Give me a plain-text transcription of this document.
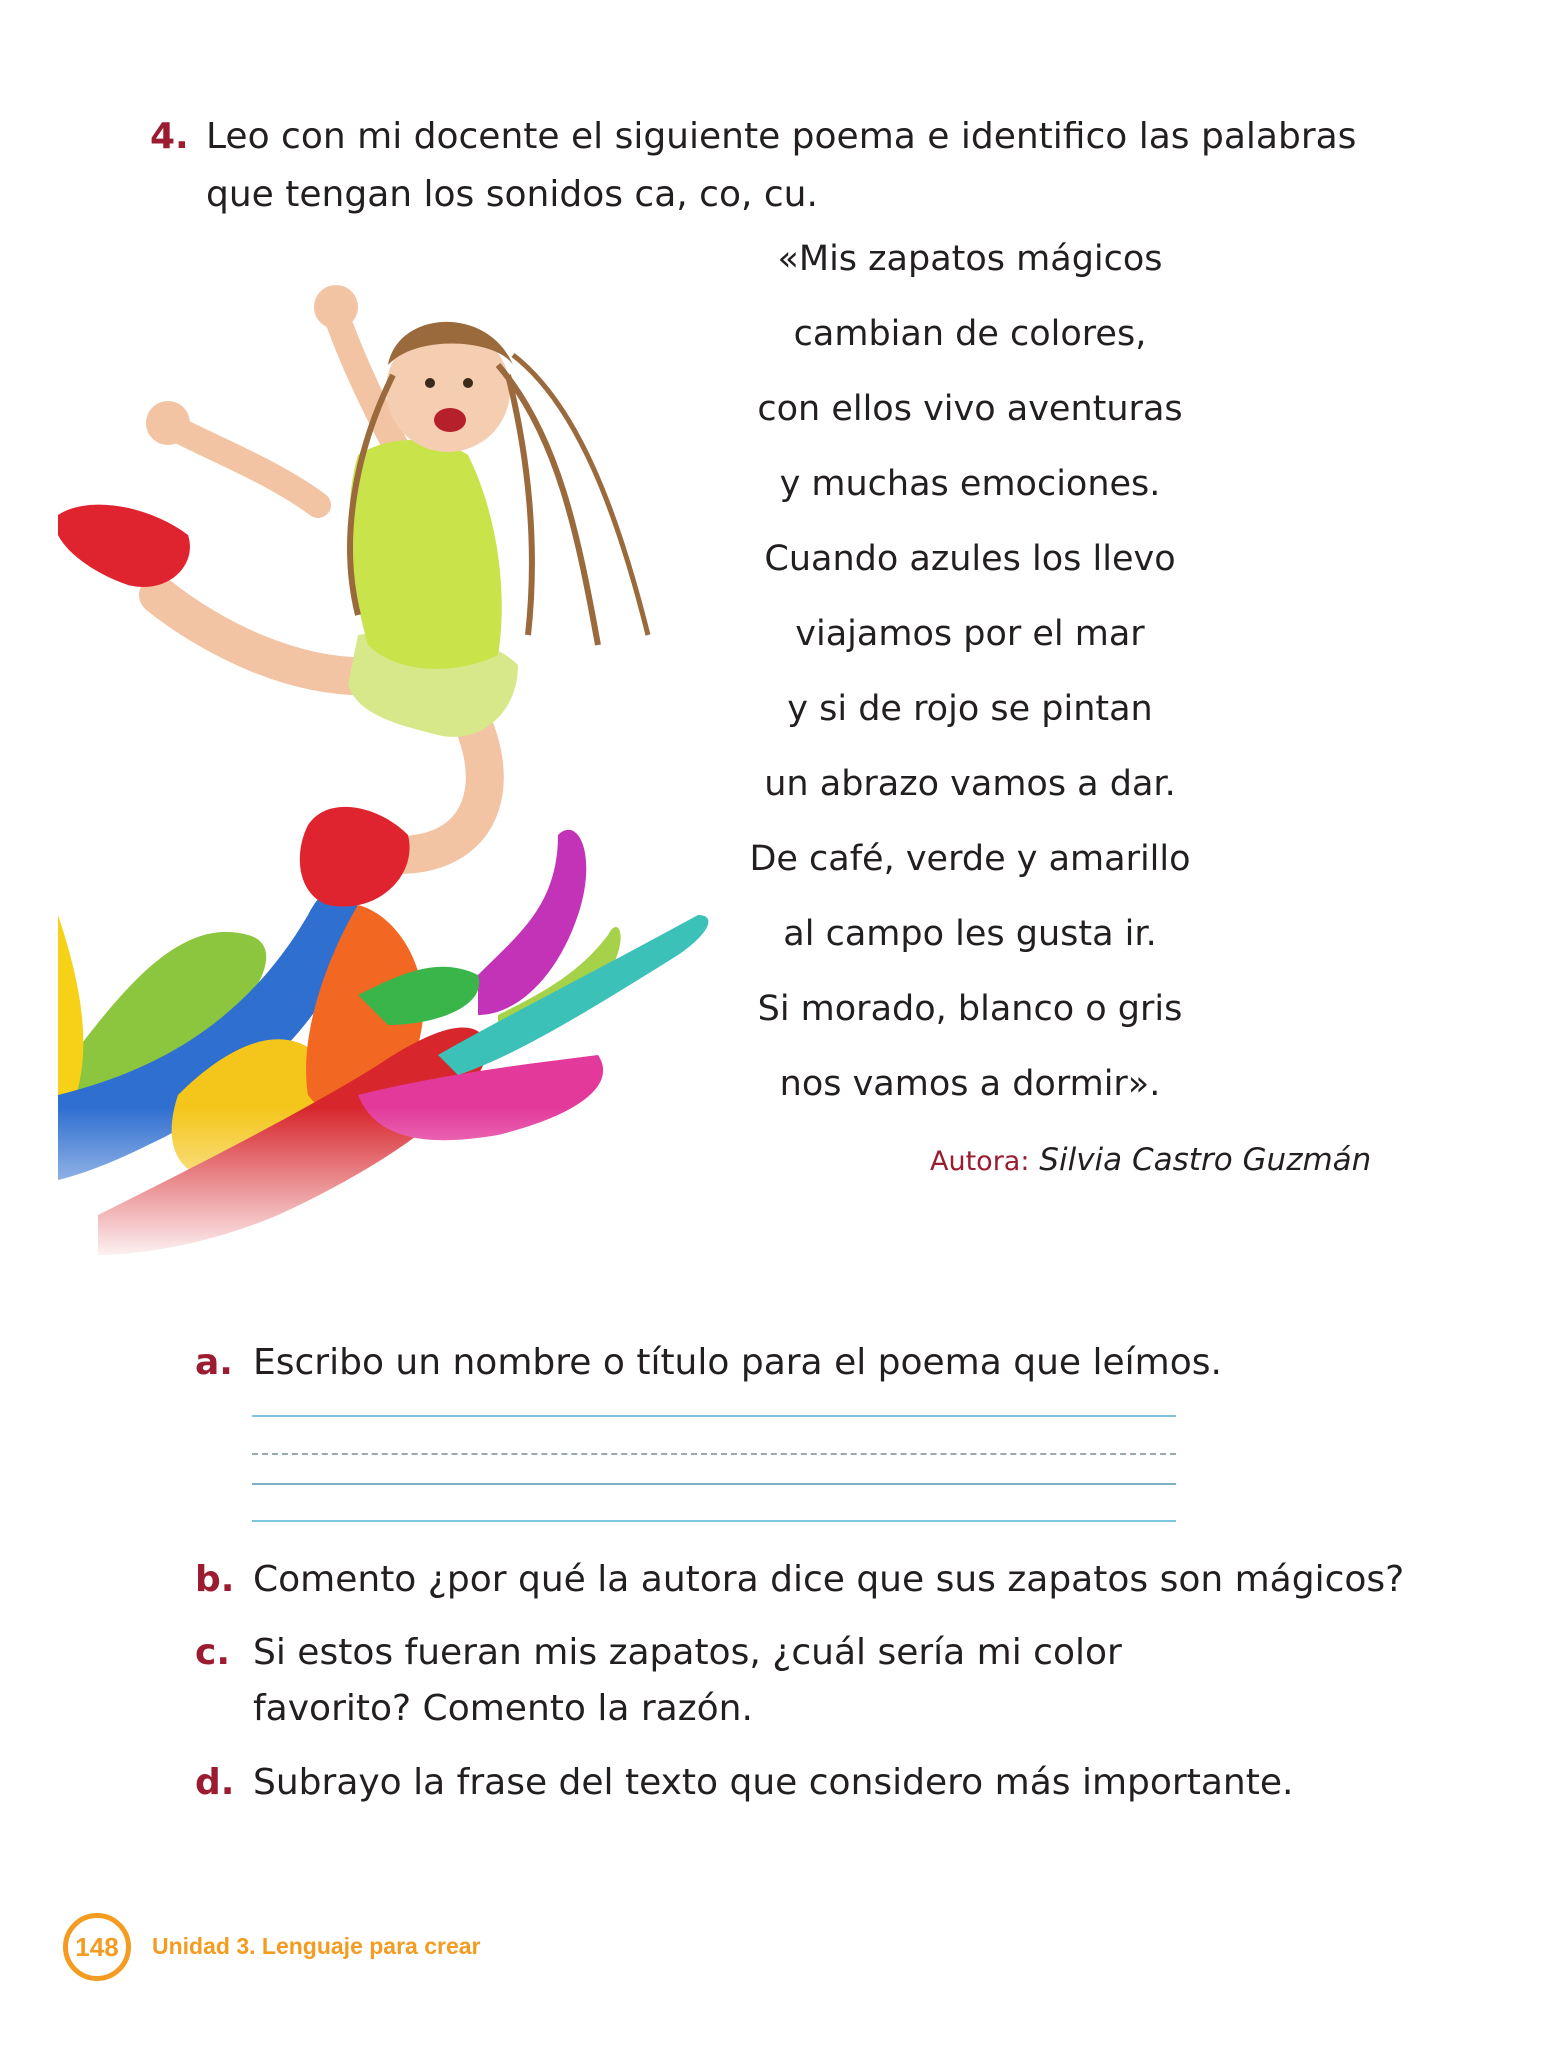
4. Leo con mi docente el siguiente poema e identifico las palabras que tengan los sonidos ca, co, cu.
«Mis zapatos mágicos
cambian de colores,
con ellos vivo aventuras
y muchas emociones.
Cuando azules los llevo
viajamos por el mar
y si de rojo se pintan
un abrazo vamos a dar.
De café, verde y amarillo
al campo les gusta ir.
Si morado, blanco o gris
nos vamos a dormir».
Autora: Silvia Castro Guzmán
a. Escribo un nombre o título para el poema que leímos.
b. Comento ¿por qué la autora dice que sus zapatos son mágicos?
c. Si estos fueran mis zapatos, ¿cuál sería mi color favorito? Comento la razón.
d. Subrayo la frase del texto que considero más importante.
148 Unidad 3. Lenguaje para crear
